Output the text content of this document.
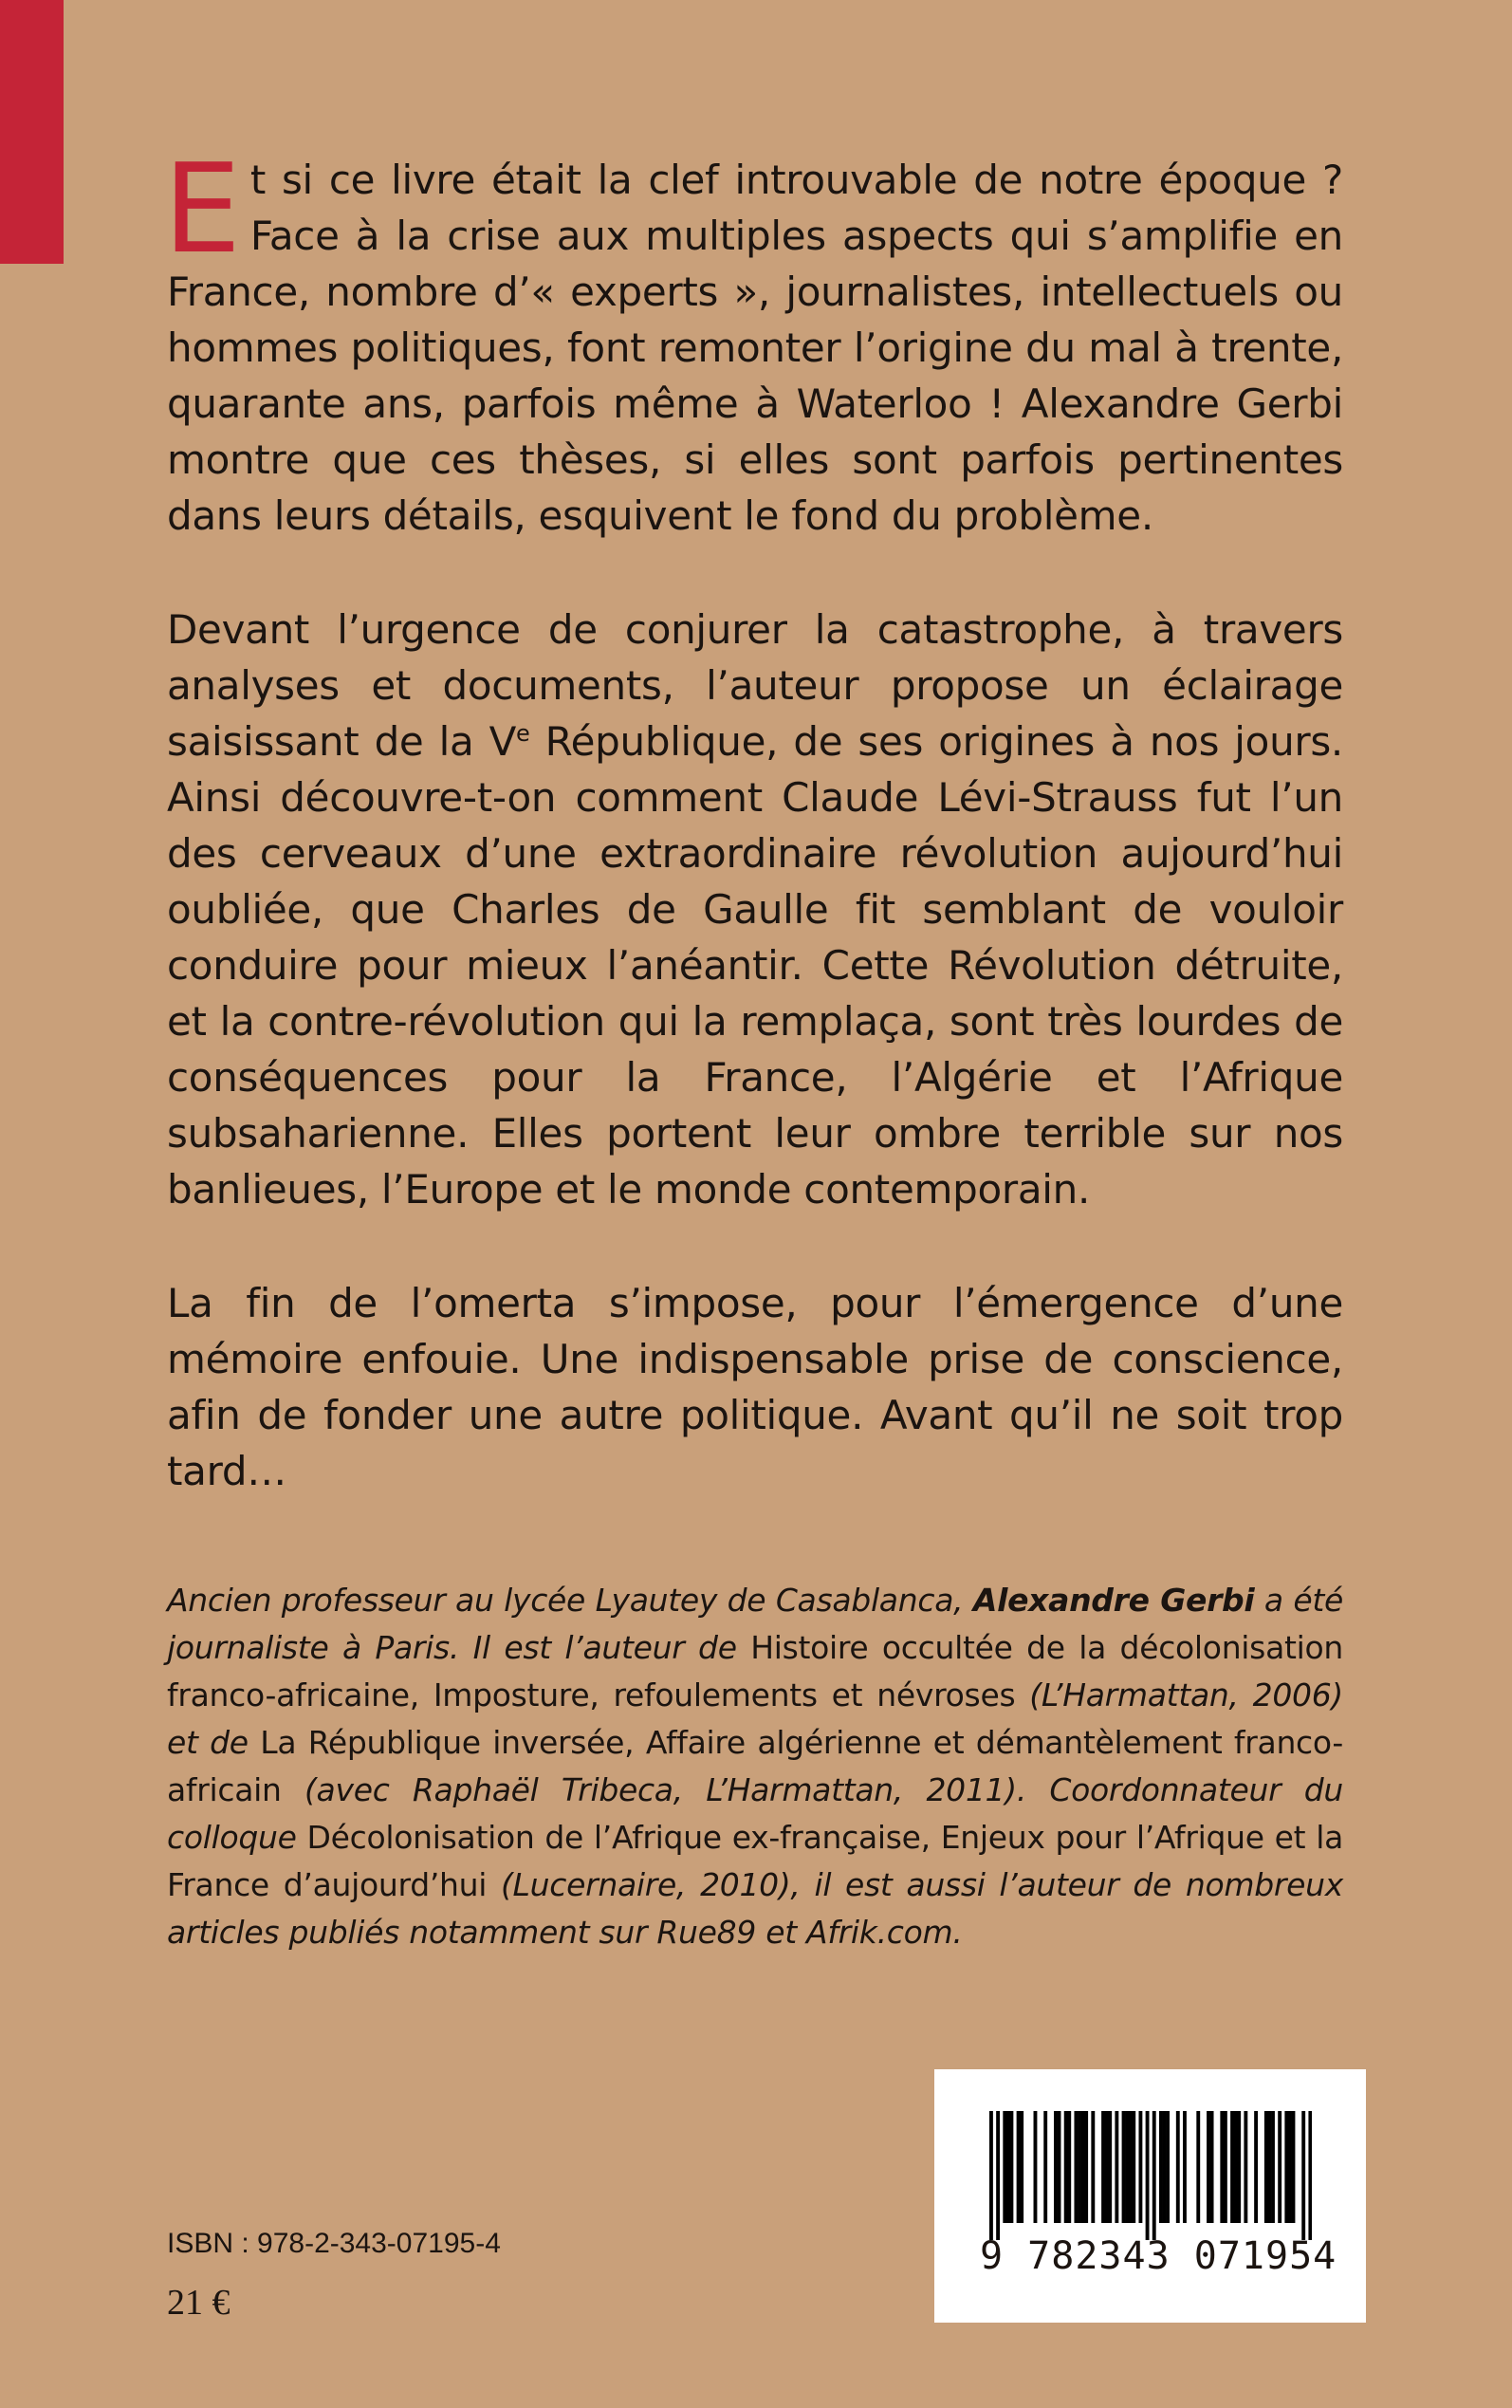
Et si ce livre était la clef introuvable de notre époque ? Face à la crise aux multiples aspects qui s’amplifie en France, nombre d’« experts », journalistes, intellectuels ou hommes politiques, font remonter l’origine du mal à trente, quarante ans, parfois même à Waterloo ! Alexandre Gerbi montre que ces thèses, si elles sont parfois pertinentes dans leurs détails, esquivent le fond du problème.

Devant l’urgence de conjurer la catastrophe, à travers analyses et documents, l’auteur propose un éclairage saisissant de la Ve République, de ses origines à nos jours. Ainsi découvre-t-on comment Claude Lévi-Strauss fut l’un des cerveaux d’une extraordinaire révolution aujourd’hui oubliée, que Charles de Gaulle fit semblant de vouloir conduire pour mieux l’anéantir. Cette Révolution détruite, et la contre-révolution qui la remplaça, sont très lourdes de conséquences pour la France, l’Algérie et l’Afrique subsaharienne. Elles portent leur ombre terrible sur nos banlieues, l’Europe et le monde contemporain.

La fin de l’omerta s’impose, pour l’émergence d’une mémoire enfouie. Une indispensable prise de conscience, afin de fonder une autre politique. Avant qu’il ne soit trop tard…

Ancien professeur au lycée Lyautey de Casablanca, Alexandre Gerbi a été journaliste à Paris. Il est l’auteur de Histoire occultée de la décolonisation franco-africaine, Imposture, refoulements et névroses (L’Harmattan, 2006) et de La République inversée, Affaire algérienne et démantèlement franco-africain (avec Raphaël Tribeca, L’Harmattan, 2011). Coordonnateur du colloque Décolonisation de l’Afrique ex-française, Enjeux pour l’Afrique et la France d’aujourd’hui (Lucernaire, 2010), il est aussi l’auteur de nombreux articles publiés notamment sur Rue89 et Afrik.com.

ISBN : 978-2-343-07195-4
21 €
9 782343 071954
